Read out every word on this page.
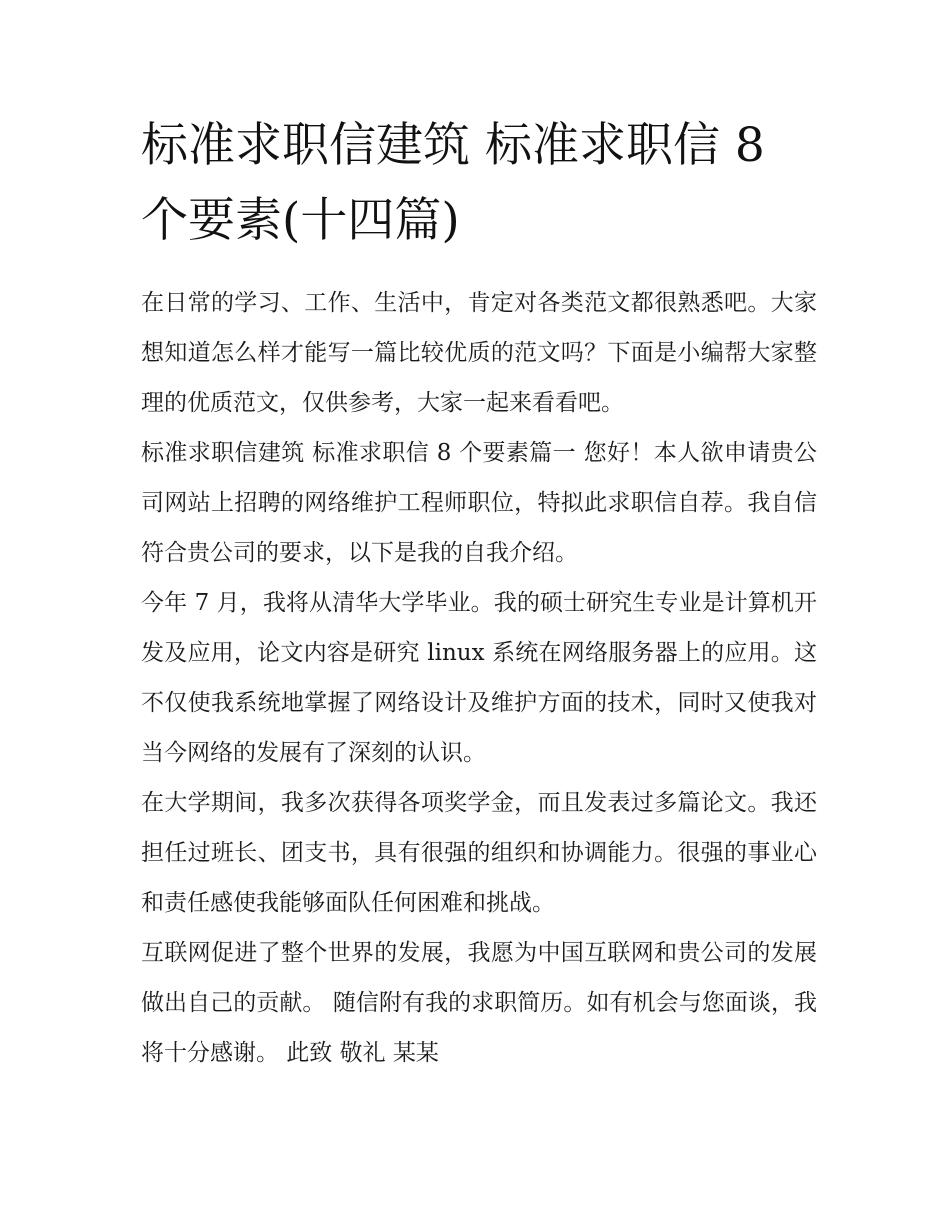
标准求职信建筑 标准求职信 8 个要素(十四篇)

在日常的学习、工作、生活中，肯定对各类范文都很熟悉吧。大家想知道怎么样才能写一篇比较优质的范文吗？下面是小编帮大家整理的优质范文，仅供参考，大家一起来看看吧。

标准求职信建筑 标准求职信 8 个要素篇一 您好！本人欲申请贵公司网站上招聘的网络维护工程师职位，特拟此求职信自荐。我自信符合贵公司的要求，以下是我的自我介绍。

今年 7 月，我将从清华大学毕业。我的硕士研究生专业是计算机开发及应用，论文内容是研究 linux 系统在网络服务器上的应用。这不仅使我系统地掌握了网络设计及维护方面的技术，同时又使我对当今网络的发展有了深刻的认识。

在大学期间，我多次获得各项奖学金，而且发表过多篇论文。我还担任过班长、团支书，具有很强的组织和协调能力。很强的事业心和责任感使我能够面队任何困难和挑战。

互联网促进了整个世界的发展，我愿为中国互联网和贵公司的发展做出自己的贡献。 随信附有我的求职简历。如有机会与您面谈，我将十分感谢。 此致 敬礼 某某
